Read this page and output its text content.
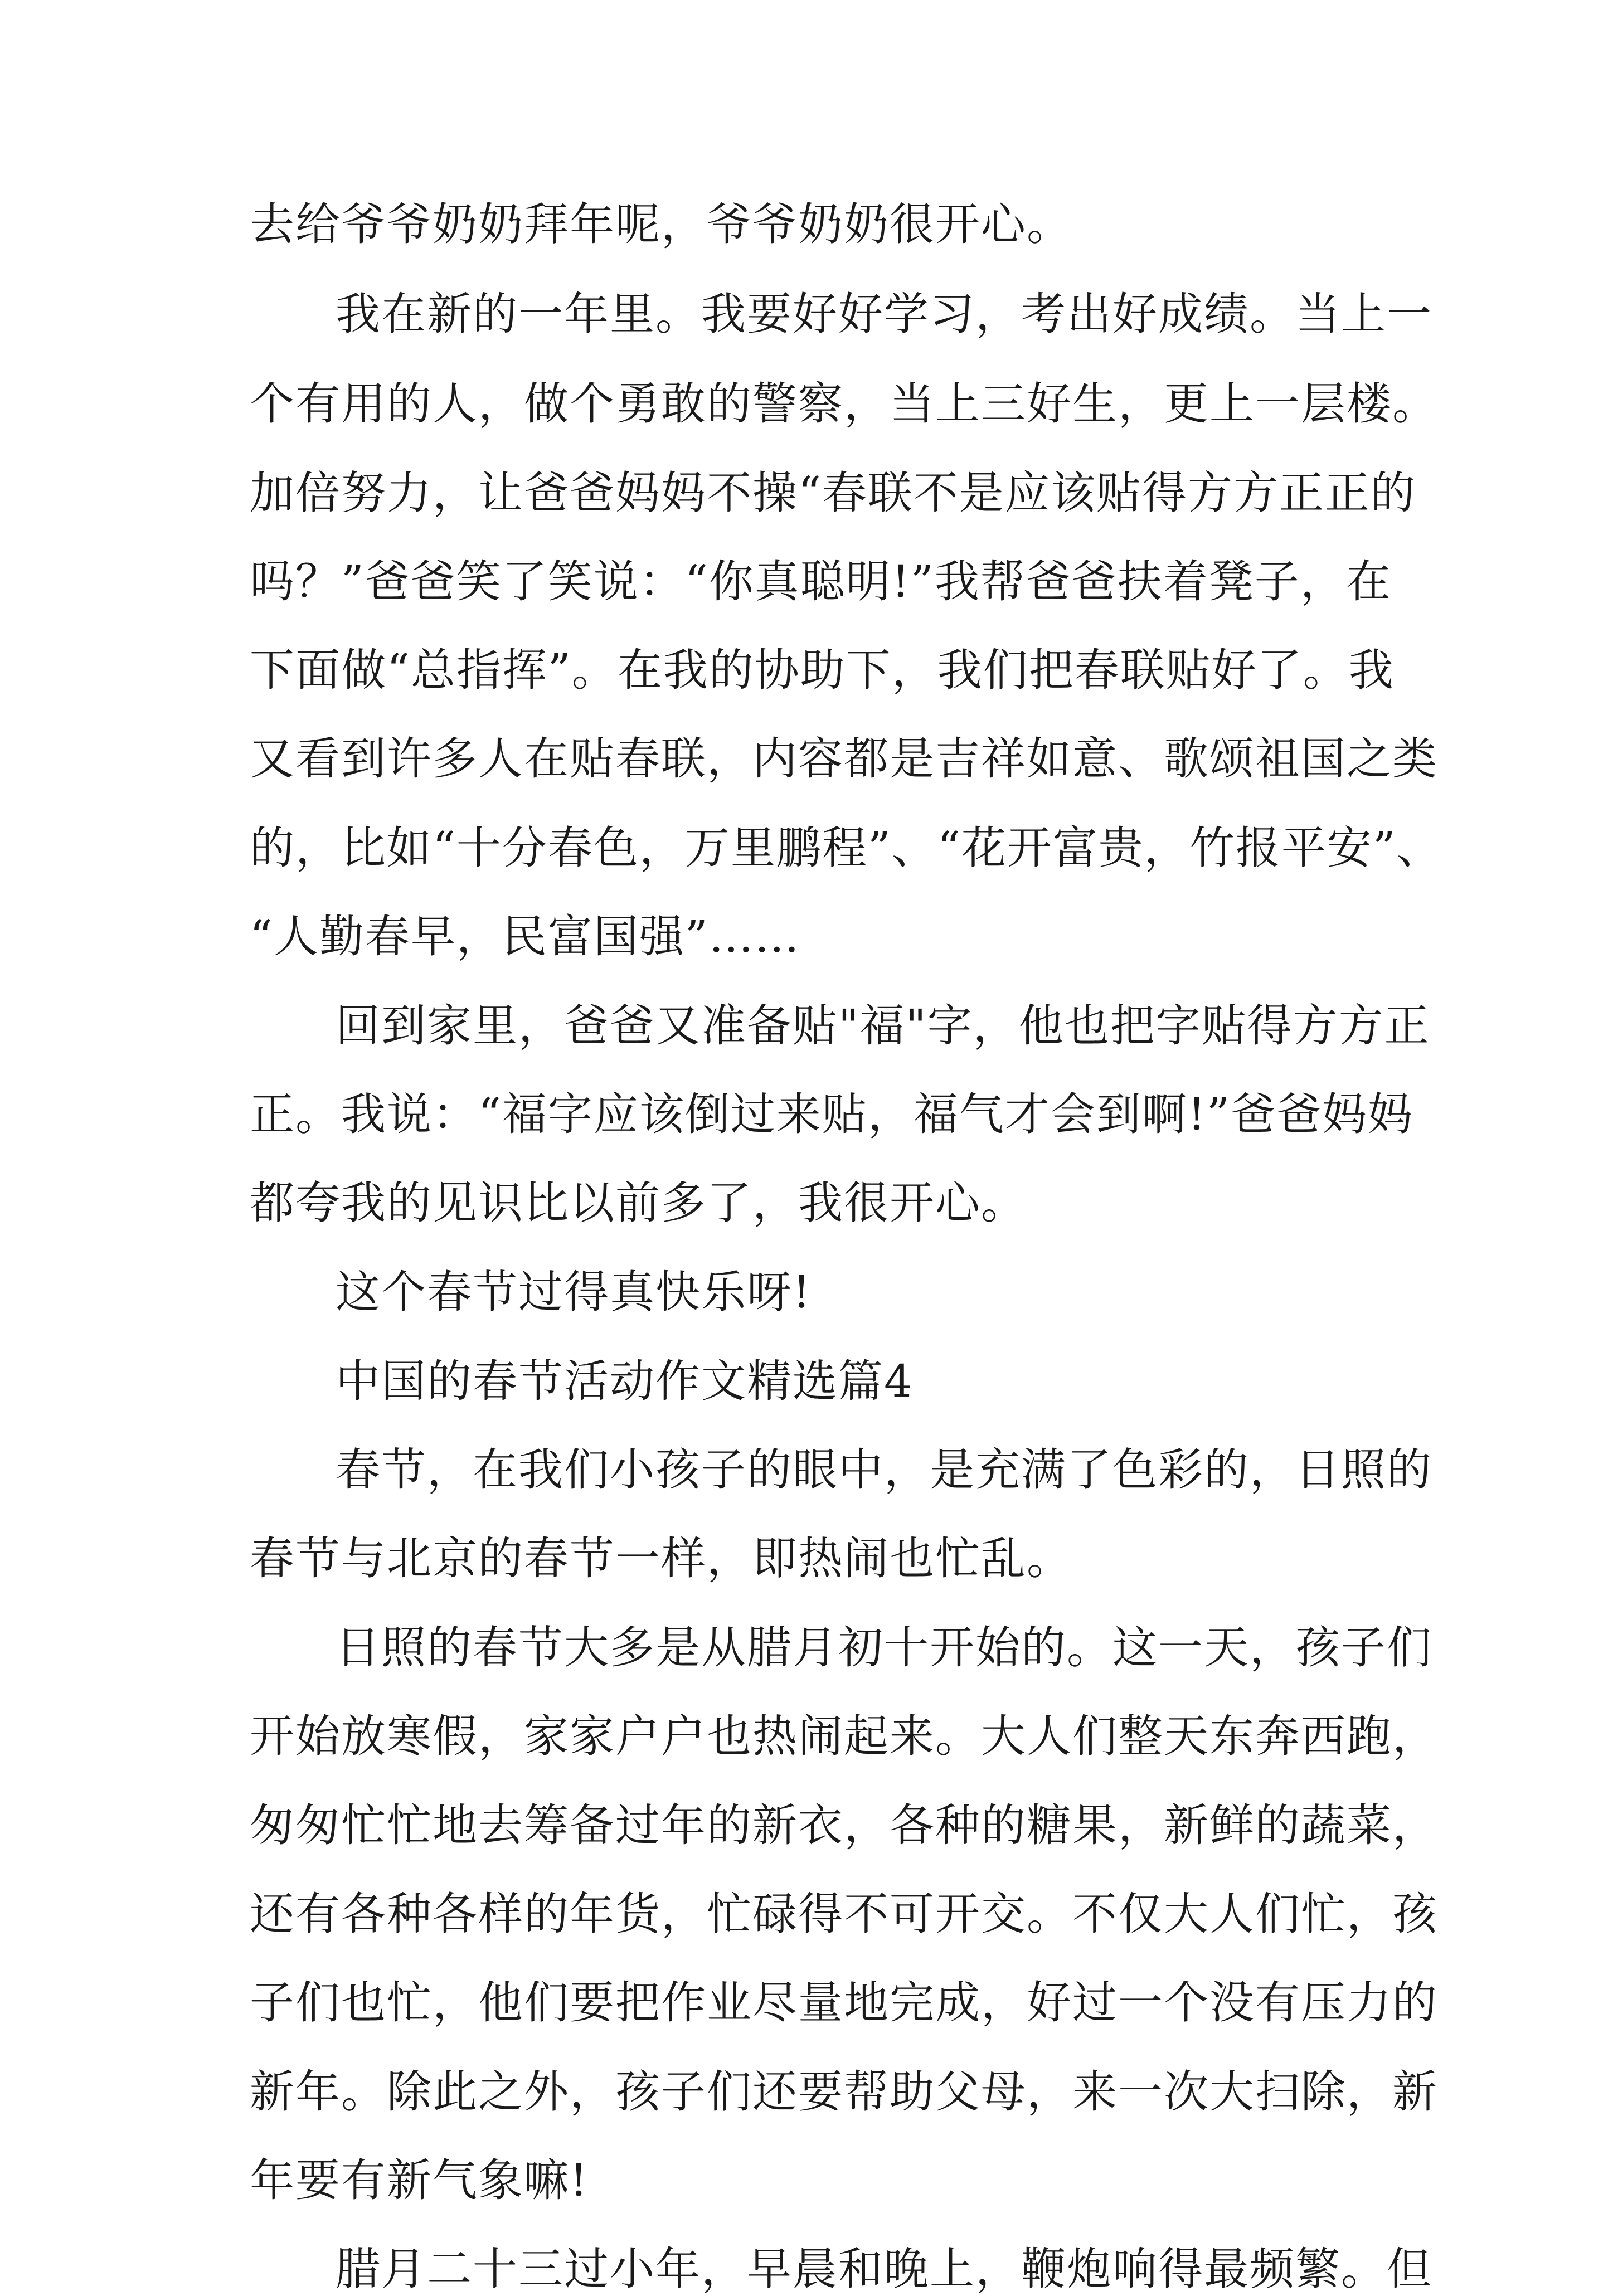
去给爷爷奶奶拜年呢，爷爷奶奶很开心。
我在新的一年里。我要好好学习，考出好成绩。当上一
个有用的人，做个勇敢的警察，当上三好生，更上一层楼。
加倍努力，让爸爸妈妈不操“春联不是应该贴得方方正正的
吗？”爸爸笑了笑说：“你真聪明!”我帮爸爸扶着凳子，在
下面做“总指挥”。在我的协助下，我们把春联贴好了。我
又看到许多人在贴春联，内容都是吉祥如意、歌颂祖国之类
的，比如“十分春色，万里鹏程”、“花开富贵，竹报平安”、
“人勤春早，民富国强”……
回到家里，爸爸又准备贴"福"字，他也把字贴得方方正
正。我说：“福字应该倒过来贴，福气才会到啊!”爸爸妈妈
都夸我的见识比以前多了，我很开心。
这个春节过得真快乐呀!
中国的春节活动作文精选篇4
春节，在我们小孩子的眼中，是充满了色彩的，日照的
春节与北京的春节一样，即热闹也忙乱。
日照的春节大多是从腊月初十开始的。这一天，孩子们
开始放寒假，家家户户也热闹起来。大人们整天东奔西跑，
匆匆忙忙地去筹备过年的新衣，各种的糖果，新鲜的蔬菜，
还有各种各样的年货，忙碌得不可开交。不仅大人们忙，孩
子们也忙，他们要把作业尽量地完成，好过一个没有压力的
新年。除此之外，孩子们还要帮助父母，来一次大扫除，新
年要有新气象嘛!
腊月二十三过小年，早晨和晚上，鞭炮响得最频繁。但
